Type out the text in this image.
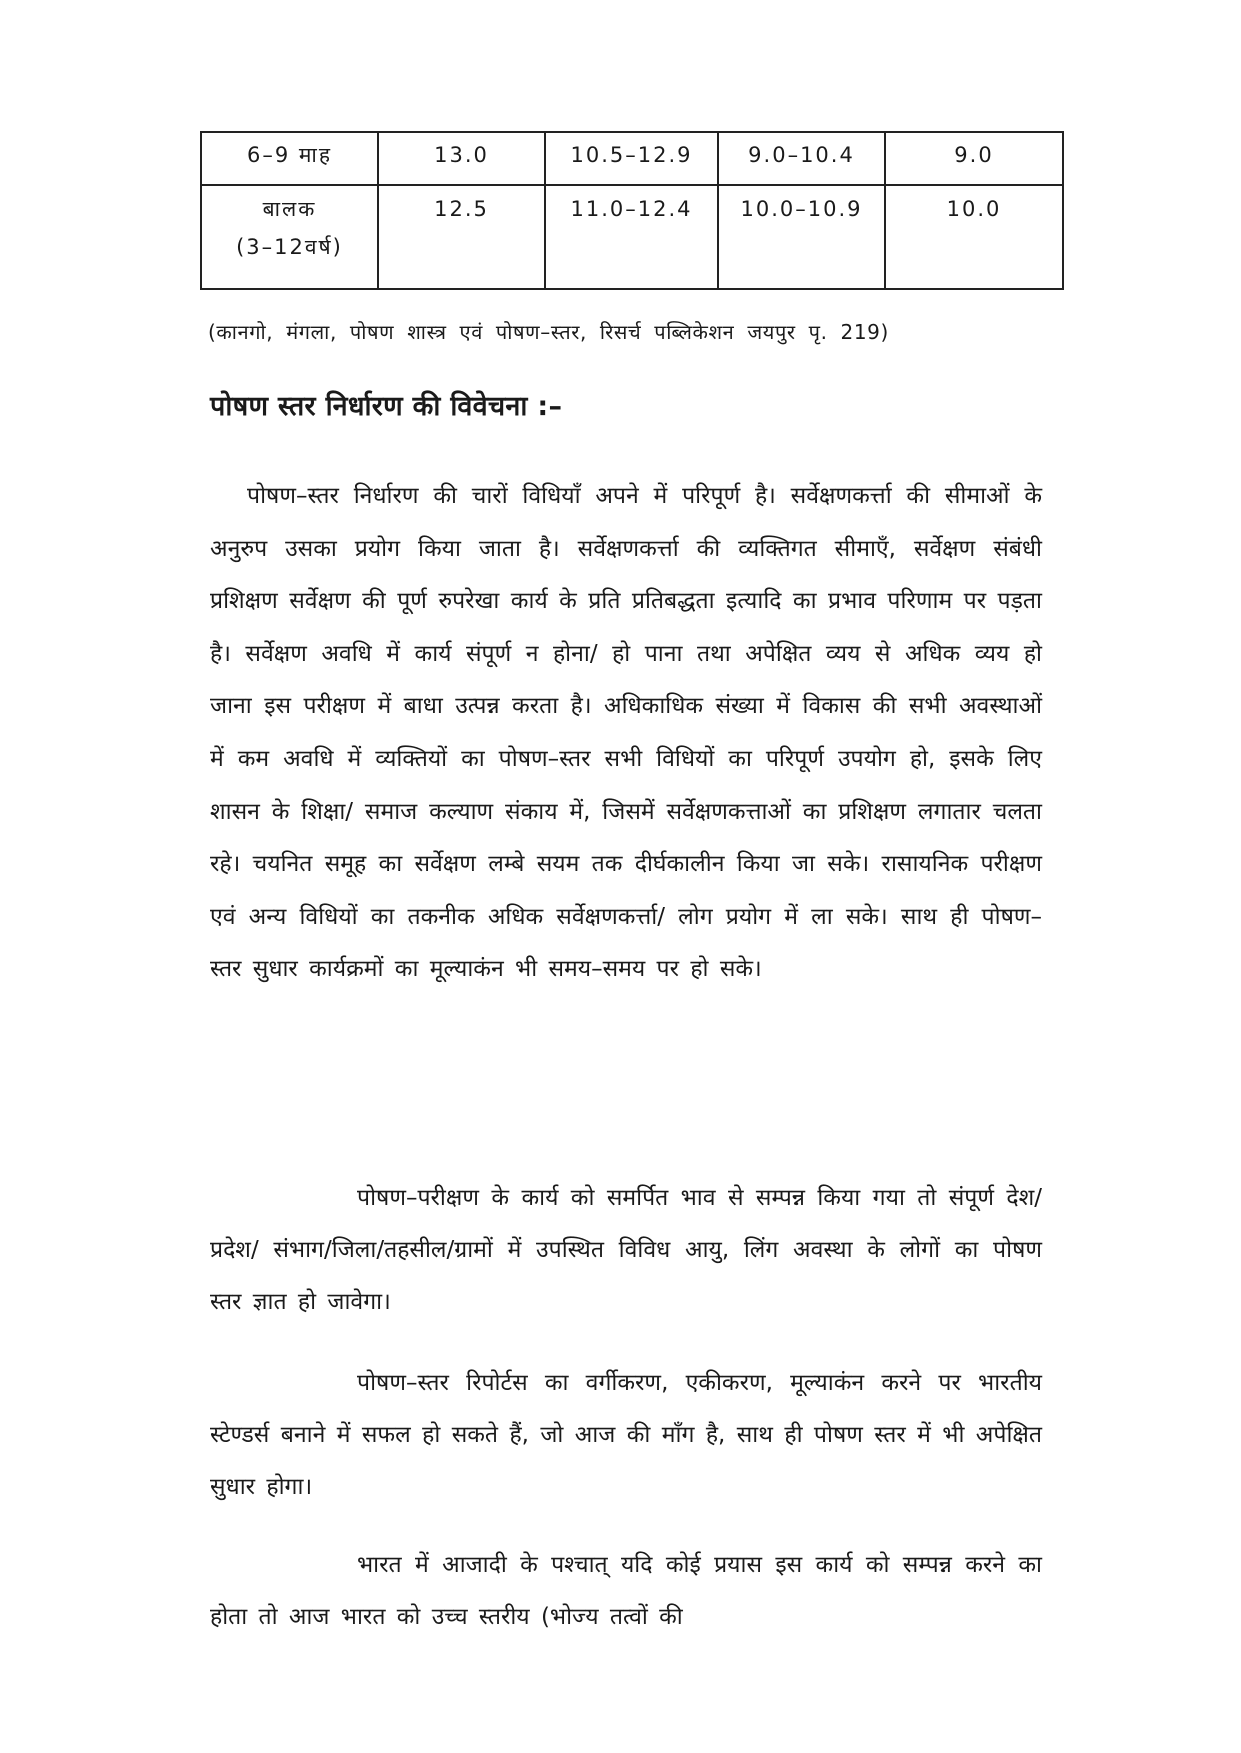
6–9 माह	13.0	10.5–12.9	9.0–10.4	9.0

बालक
(3–12वर्ष)	12.5	11.0–12.4	10.0–10.9	10.0
(कानगो, मंगला, पोषण शास्त्र एवं पोषण–स्तर, रिसर्च पब्लिकेशन जयपुर पृ. 219)
पोषण स्तर निर्धारण की विवेचना :–

पोषण–स्तर निर्धारण की चारों विधियाँ अपने में परिपूर्ण है। सर्वेक्षणकर्त्ता की सीमाओं के अनुरुप उसका प्रयोग किया जाता है। सर्वेक्षणकर्त्ता की व्यक्तिगत सीमाएँ, सर्वेक्षण संबंधी प्रशिक्षण सर्वेक्षण की पूर्ण रुपरेखा कार्य के प्रति प्रतिबद्धता इत्यादि का प्रभाव परिणाम पर पड़ता है। सर्वेक्षण अवधि में कार्य संपूर्ण न होना/ हो पाना तथा अपेक्षित व्यय से अधिक व्यय हो जाना इस परीक्षण में बाधा उत्पन्न करता है। अधिकाधिक संख्या में विकास की सभी अवस्थाओं में कम अवधि में व्यक्तियों का पोषण–स्तर सभी विधियों का परिपूर्ण उपयोग हो, इसके लिए शासन के शिक्षा/ समाज कल्याण संकाय में, जिसमें सर्वेक्षणकत्ताओं का प्रशिक्षण लगातार चलता रहे। चयनित समूह का सर्वेक्षण लम्बे सयम तक दीर्घकालीन किया जा सके। रासायनिक परीक्षण एवं अन्य विधियों का तकनीक अधिक सर्वेक्षणकर्त्ता/ लोग प्रयोग में ला सके। साथ ही पोषण–स्तर सुधार कार्यक्रमों का मूल्याकंन भी समय–समय पर हो सके।

पोषण–परीक्षण के कार्य को समर्पित भाव से सम्पन्न किया गया तो संपूर्ण देश/प्रदेश/ संभाग/जिला/तहसील/ग्रामों में उपस्थित विविध आयु, लिंग अवस्था के लोगों का पोषण स्तर ज्ञात हो जावेगा।

पोषण–स्तर रिपोर्टस का वर्गीकरण, एकीकरण, मूल्याकंन करने पर भारतीय स्टेण्डर्स बनाने में सफल हो सकते हैं, जो आज की माँग है, साथ ही पोषण स्तर में भी अपेक्षित सुधार होगा।

भारत में आजादी के पश्चात् यदि कोई प्रयास इस कार्य को सम्पन्न करने का होता तो आज भारत को उच्च स्तरीय (भोज्य तत्वों की
